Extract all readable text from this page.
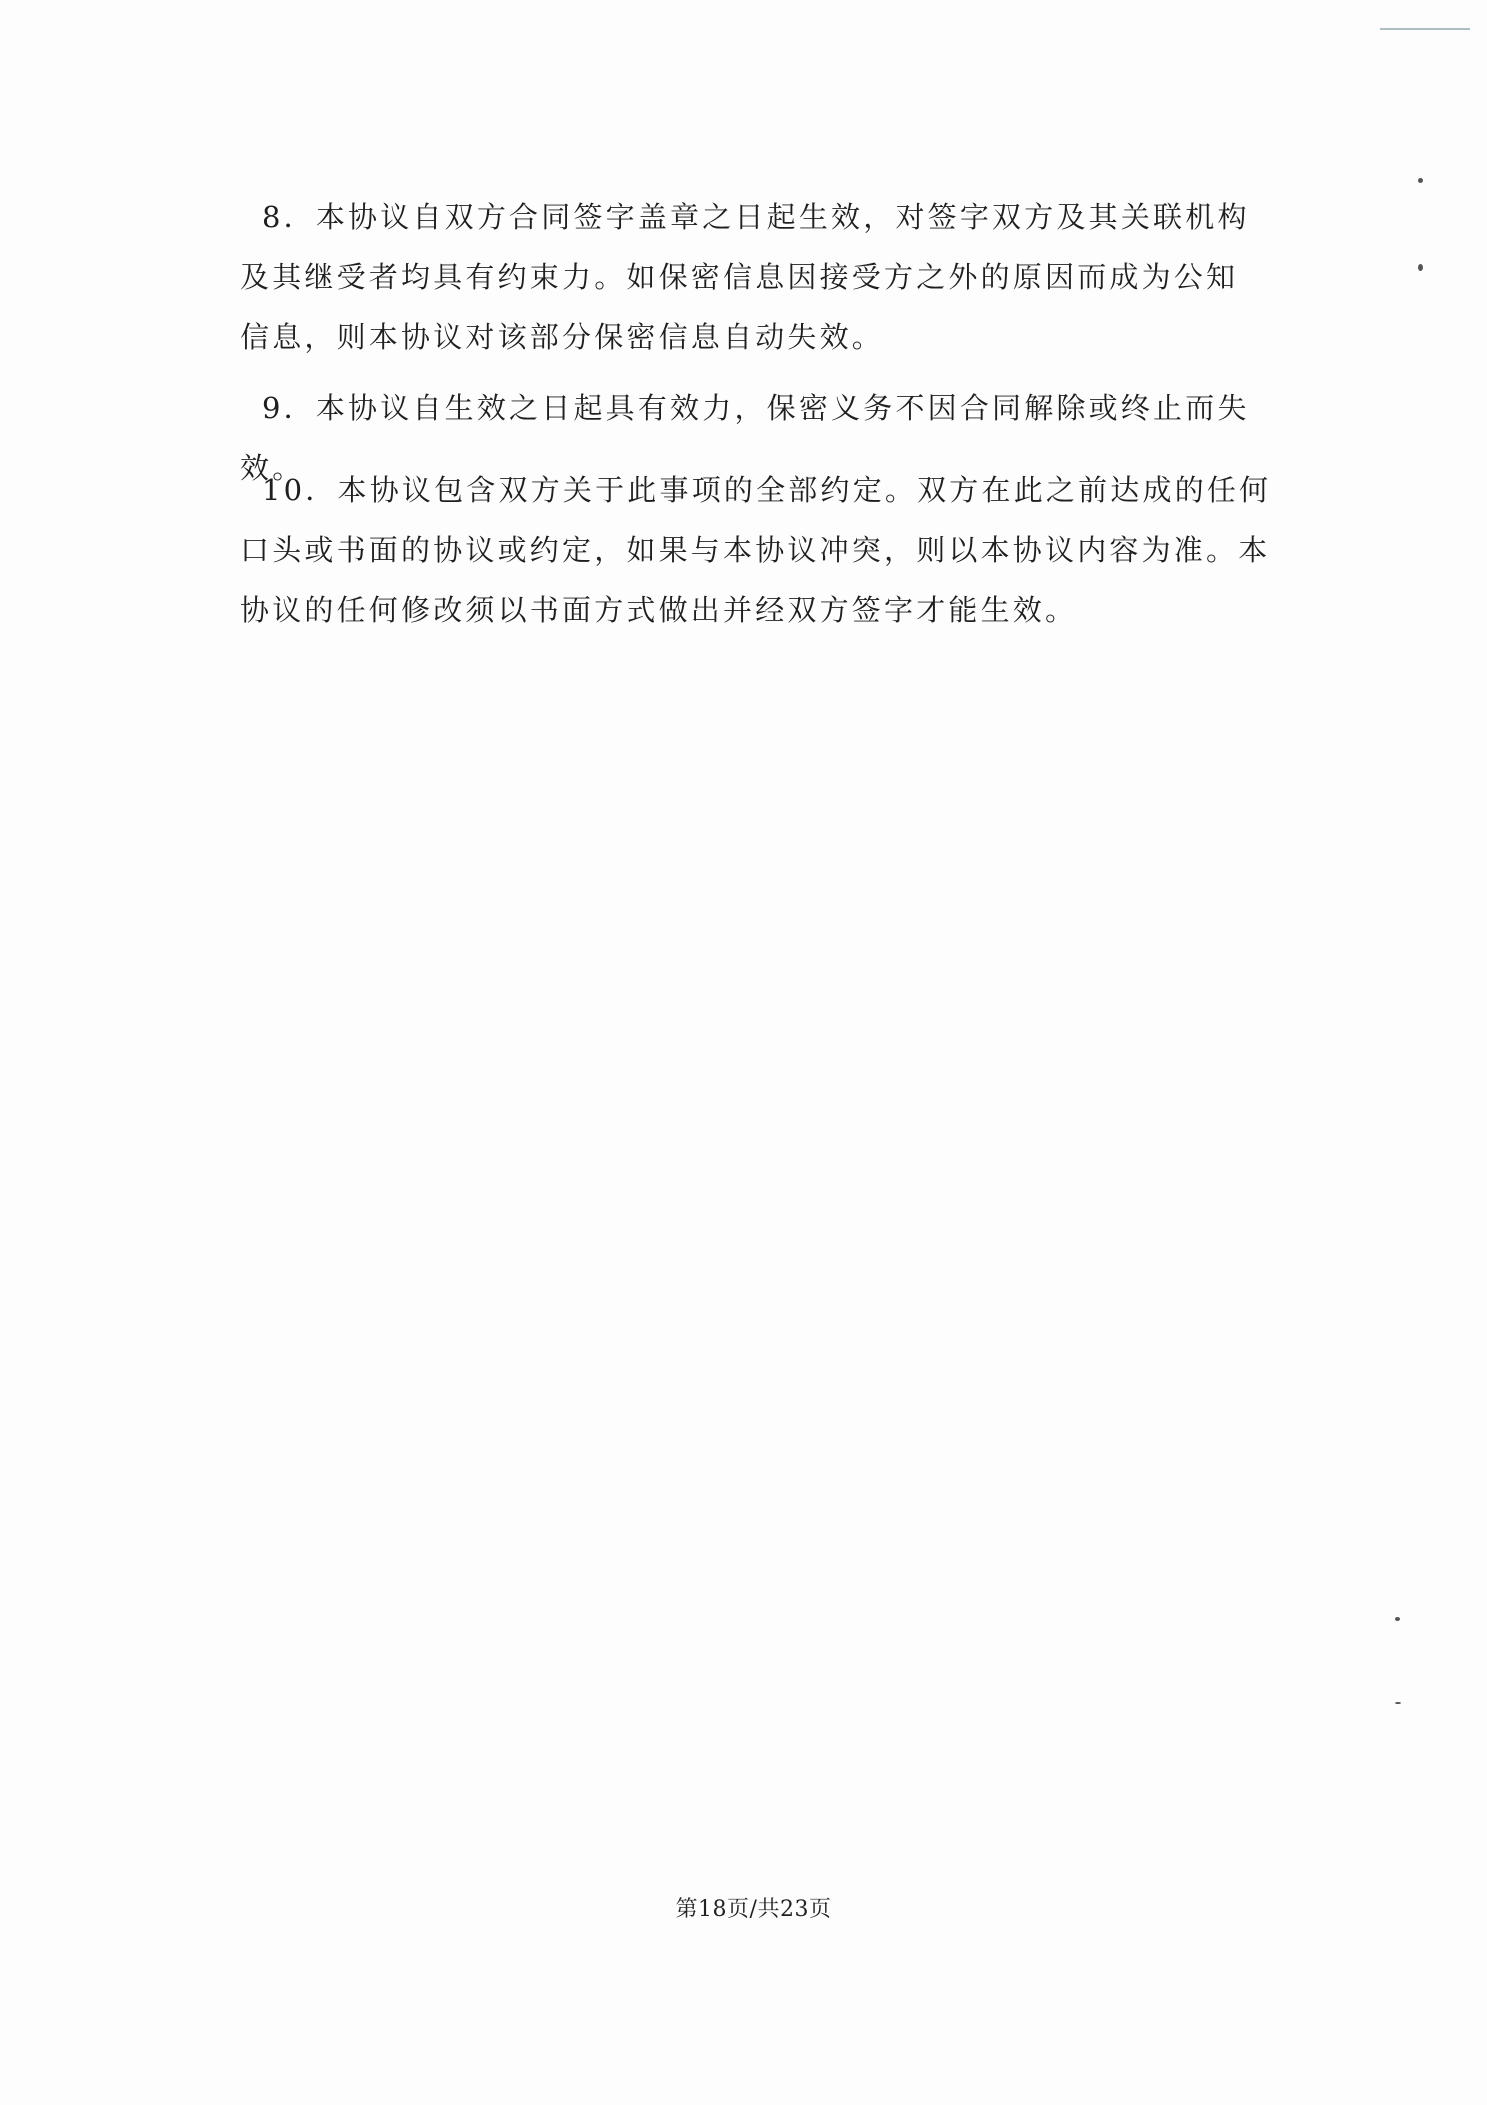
8．本协议自双方合同签字盖章之日起生效，对签字双方及其关联机构及其继受者均具有约束力。如保密信息因接受方之外的原因而成为公知信息，则本协议对该部分保密信息自动失效。

9．本协议自生效之日起具有效力，保密义务不因合同解除或终止而失效。

10．本协议包含双方关于此事项的全部约定。双方在此之前达成的任何口头或书面的协议或约定，如果与本协议冲突，则以本协议内容为准。本协议的任何修改须以书面方式做出并经双方签字才能生效。

第18页/共23页
